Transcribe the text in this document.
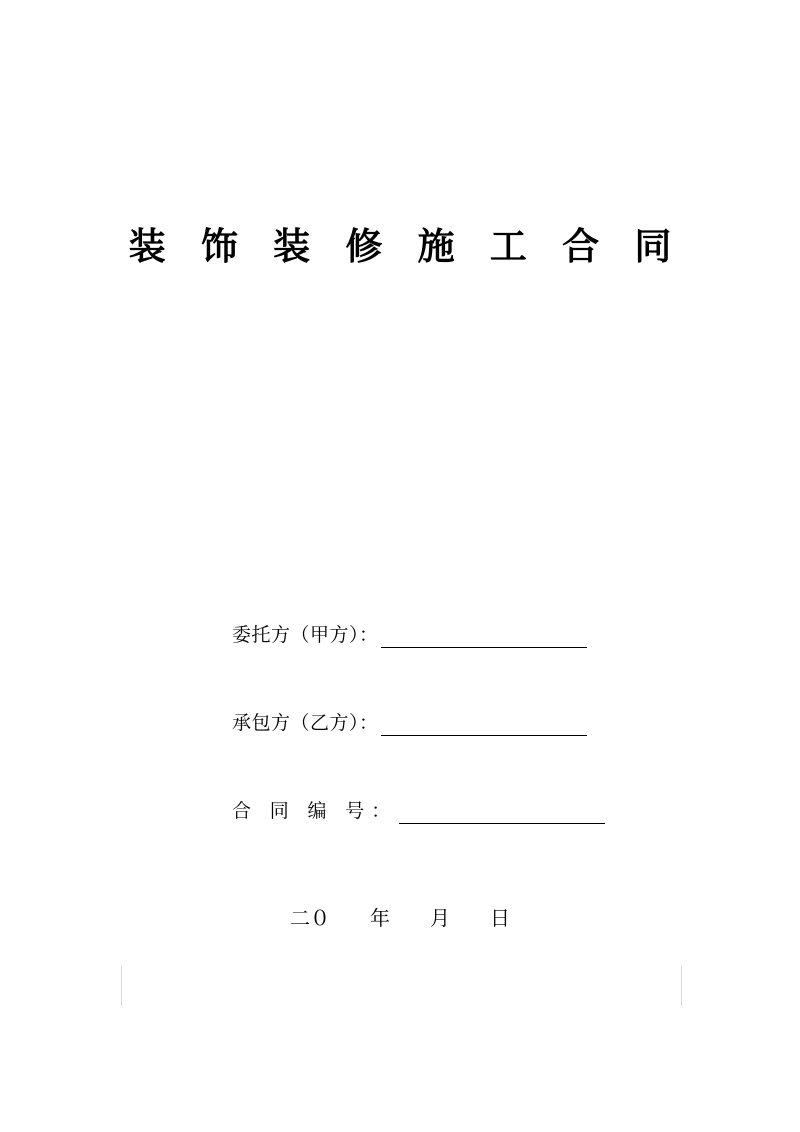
装 饰 装 修 施 工 合 同
委托方（甲方）：
承包方（乙方）：
合 同 编 号：
二０ 年 月 日
